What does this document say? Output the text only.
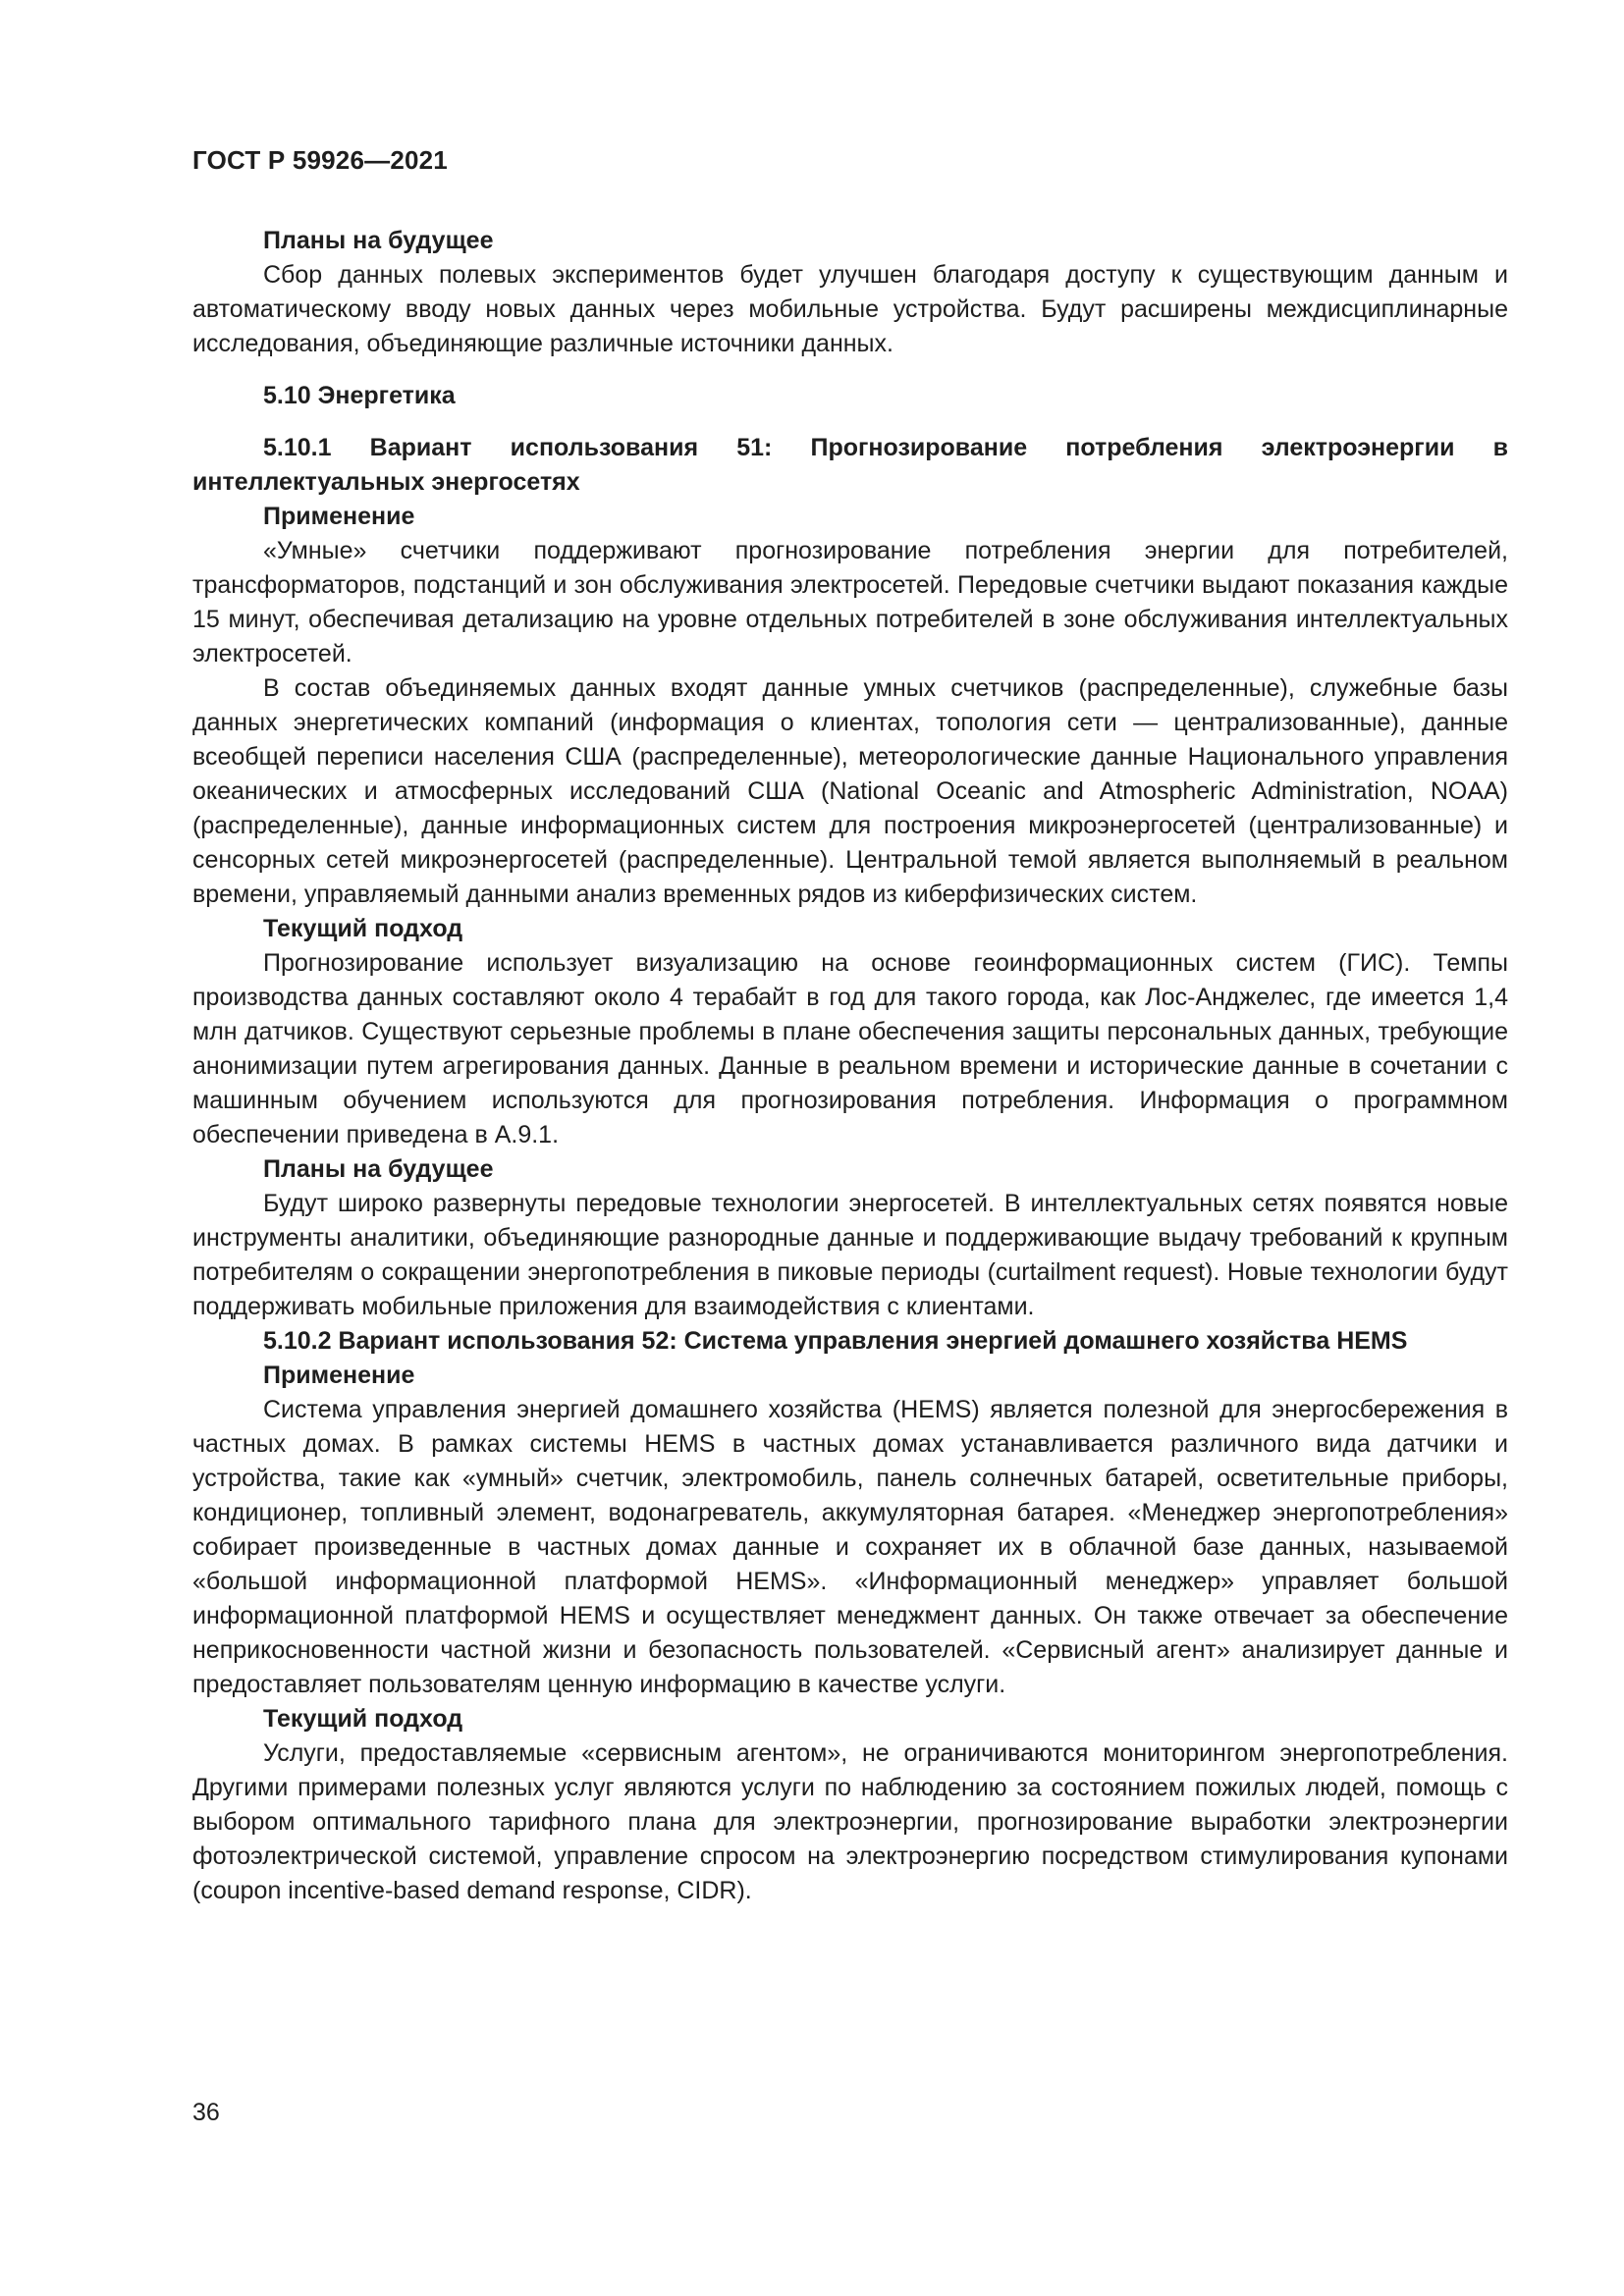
ГОСТ Р 59926—2021
Планы на будущее

Сбор данных полевых экспериментов будет улучшен благодаря доступу к существующим данным и автоматическому вводу новых данных через мобильные устройства. Будут расширены междисциплинарные исследования, объединяющие различные источники данных.

5.10 Энергетика
5.10.1 Вариант использования 51: Прогнозирование потребления электроэнергии в интеллектуальных энергосетях
Применение

«Умные» счетчики поддерживают прогнозирование потребления энергии для потребителей, трансформаторов, подстанций и зон обслуживания электросетей. Передовые счетчики выдают показания каждые 15 минут, обеспечивая детализацию на уровне отдельных потребителей в зоне обслуживания интеллектуальных электросетей.

В состав объединяемых данных входят данные умных счетчиков (распределенные), служебные базы данных энергетических компаний (информация о клиентах, топология сети — централизованные), данные всеобщей переписи населения США (распределенные), метеорологические данные Национального управления океанических и атмосферных исследований США (National Oceanic and Atmospheric Administration, NOAA) (распределенные), данные информационных систем для построения микроэнергосетей (централизованные) и сенсорных сетей микроэнергосетей (распределенные). Центральной темой является выполняемый в реальном времени, управляемый данными анализ временных рядов из киберфизических систем.

Текущий подход

Прогнозирование использует визуализацию на основе геоинформационных систем (ГИС). Темпы производства данных составляют около 4 терабайт в год для такого города, как Лос-Анджелес, где имеется 1,4 млн датчиков. Существуют серьезные проблемы в плане обеспечения защиты персональных данных, требующие анонимизации путем агрегирования данных. Данные в реальном времени и исторические данные в сочетании с машинным обучением используются для прогнозирования потребления. Информация о программном обеспечении приведена в А.9.1.

Планы на будущее

Будут широко развернуты передовые технологии энергосетей. В интеллектуальных сетях появятся новые инструменты аналитики, объединяющие разнородные данные и поддерживающие выдачу требований к крупным потребителям о сокращении энергопотребления в пиковые периоды (curtailment request). Новые технологии будут поддерживать мобильные приложения для взаимодействия с клиентами.

5.10.2 Вариант использования 52: Система управления энергией домашнего хозяйства HEMS
Применение

Система управления энергией домашнего хозяйства (HEMS) является полезной для энергосбережения в частных домах. В рамках системы HEMS в частных домах устанавливается различного вида датчики и устройства, такие как «умный» счетчик, электромобиль, панель солнечных батарей, осветительные приборы, кондиционер, топливный элемент, водонагреватель, аккумуляторная батарея. «Менеджер энергопотребления» собирает произведенные в частных домах данные и сохраняет их в облачной базе данных, называемой «большой информационной платформой HEMS». «Информационный менеджер» управляет большой информационной платформой HEMS и осуществляет менеджмент данных. Он также отвечает за обеспечение неприкосновенности частной жизни и безопасность пользователей. «Сервисный агент» анализирует данные и предоставляет пользователям ценную информацию в качестве услуги.

Текущий подход

Услуги, предоставляемые «сервисным агентом», не ограничиваются мониторингом энергопотребления. Другими примерами полезных услуг являются услуги по наблюдению за состоянием пожилых людей, помощь с выбором оптимального тарифного плана для электроэнергии, прогнозирование выработки электроэнергии фотоэлектрической системой, управление спросом на электроэнергию посредством стимулирования купонами (coupon incentive-based demand response, CIDR).

36
